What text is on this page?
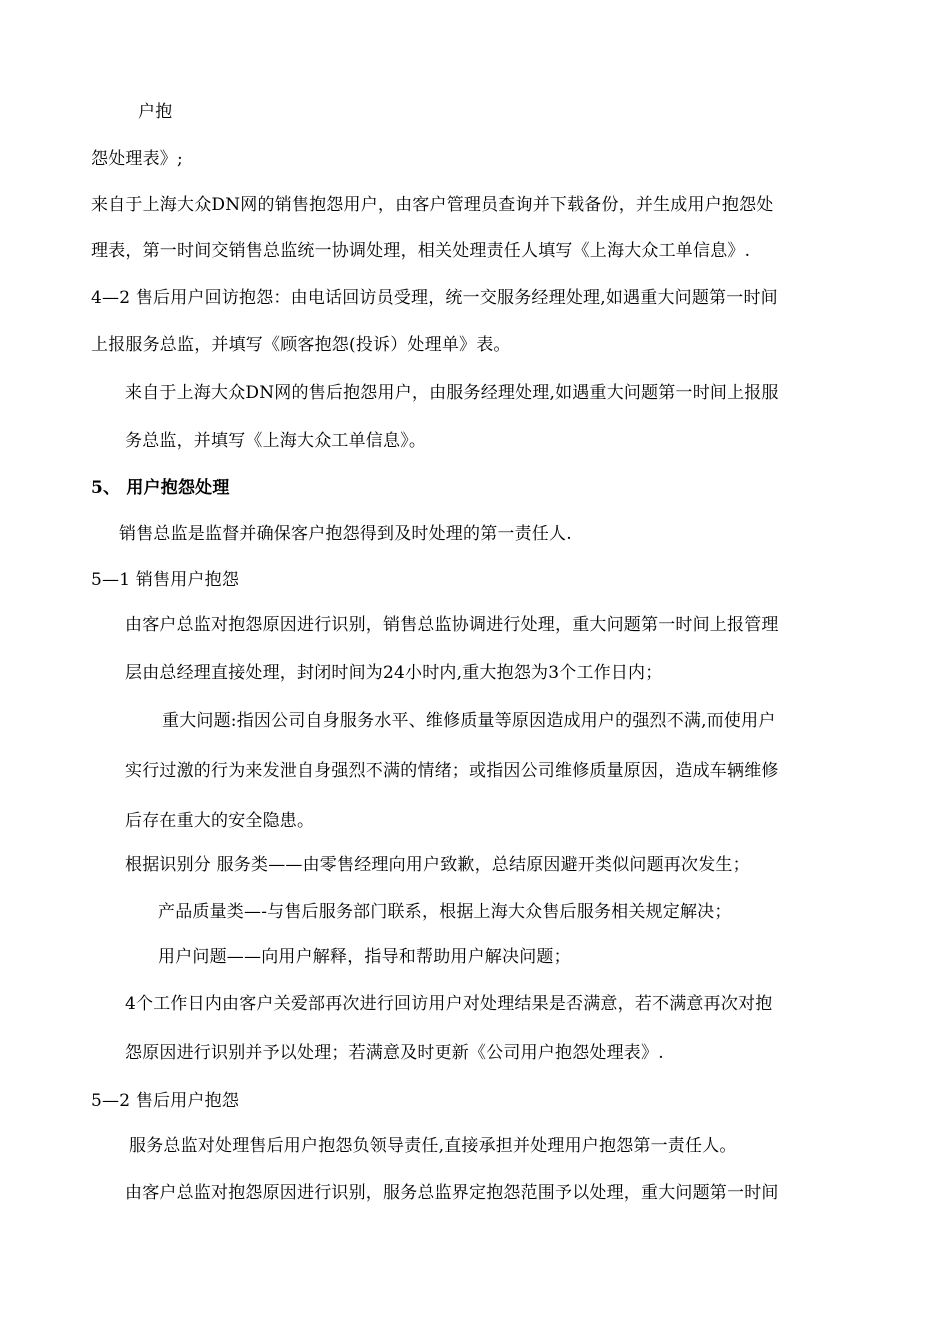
户抱
怨处理表》;
来自于上海大众DN网的销售抱怨用户，由客户管理员查询并下载备份，并生成用户抱怨处
理表，第一时间交销售总监统一协调处理，相关处理责任人填写《上海大众工单信息》.
4—2 售后用户回访抱怨：由电话回访员受理，统一交服务经理处理,如遇重大问题第一时间
上报服务总监，并填写《顾客抱怨(投诉）处理单》表。
来自于上海大众DN网的售后抱怨用户，由服务经理处理,如遇重大问题第一时间上报服
务总监，并填写《上海大众工单信息》。
5、 用户抱怨处理
销售总监是监督并确保客户抱怨得到及时处理的第一责任人.
5—1 销售用户抱怨
由客户总监对抱怨原因进行识别，销售总监协调进行处理，重大问题第一时间上报管理
层由总经理直接处理，封闭时间为24小时内,重大抱怨为3个工作日内；
重大问题:指因公司自身服务水平、维修质量等原因造成用户的强烈不满,而使用户
实行过激的行为来发泄自身强烈不满的情绪；或指因公司维修质量原因，造成车辆维修
后存在重大的安全隐患。
根据识别分 服务类——由零售经理向用户致歉，总结原因避开类似问题再次发生；
产品质量类—-与售后服务部门联系，根据上海大众售后服务相关规定解决；
用户问题——向用户解释，指导和帮助用户解决问题；
4个工作日内由客户关爱部再次进行回访用户对处理结果是否满意，若不满意再次对抱
怨原因进行识别并予以处理；若满意及时更新《公司用户抱怨处理表》.
5—2 售后用户抱怨
服务总监对处理售后用户抱怨负领导责任,直接承担并处理用户抱怨第一责任人。
由客户总监对抱怨原因进行识别，服务总监界定抱怨范围予以处理，重大问题第一时间
